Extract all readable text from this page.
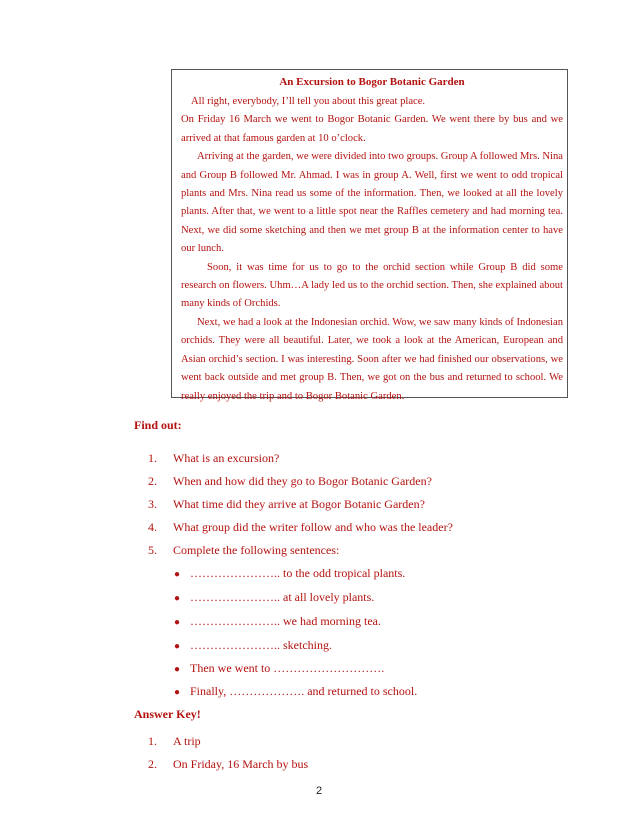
An Excursion to Bogor Botanic Garden

All right, everybody, I’ll tell you about this great place.

On Friday 16 March we went to Bogor Botanic Garden. We went there by bus and we arrived at that famous garden at 10 o’clock.

Arriving at the garden, we were divided into two groups. Group A followed Mrs. Nina and Group B followed Mr. Ahmad. I was in group A. Well, first we went to odd tropical plants and Mrs. Nina read us some of the information. Then, we looked at all the lovely plants. After that, we went to a little spot near the Raffles cemetery and had morning tea. Next, we did some sketching and then we met group B at the information center to have our lunch.

Soon, it was time for us to go to the orchid section while Group B did some research on flowers. Uhm…A lady led us to the orchid section. Then, she explained about many kinds of Orchids.

Next, we had a look at the Indonesian orchid. Wow, we saw many kinds of Indonesian orchids. They were all beautiful. Later, we took a look at the American, European and Asian orchid’s section. I was interesting. Soon after we had finished our observations, we went back outside and met group B. Then, we got on the bus and returned to school. We really enjoyed the trip and to Bogor Botanic Garden.

Find out:
1. What is an excursion?
2. When and how did they go to Bogor Botanic Garden?
3. What time did they arrive at Bogor Botanic Garden?
4. What group did the writer follow and who was the leader?
5. Complete the following sentences:
● ………………….. to the odd tropical plants.
● ………………….. at all lovely plants.
● ………………….. we had morning tea.
● ………………….. sketching.
● Then we went to ……………………….
● Finally, ………………. and returned to school.
Answer Key!
1. A trip
2. On Friday, 16 March by bus
2
